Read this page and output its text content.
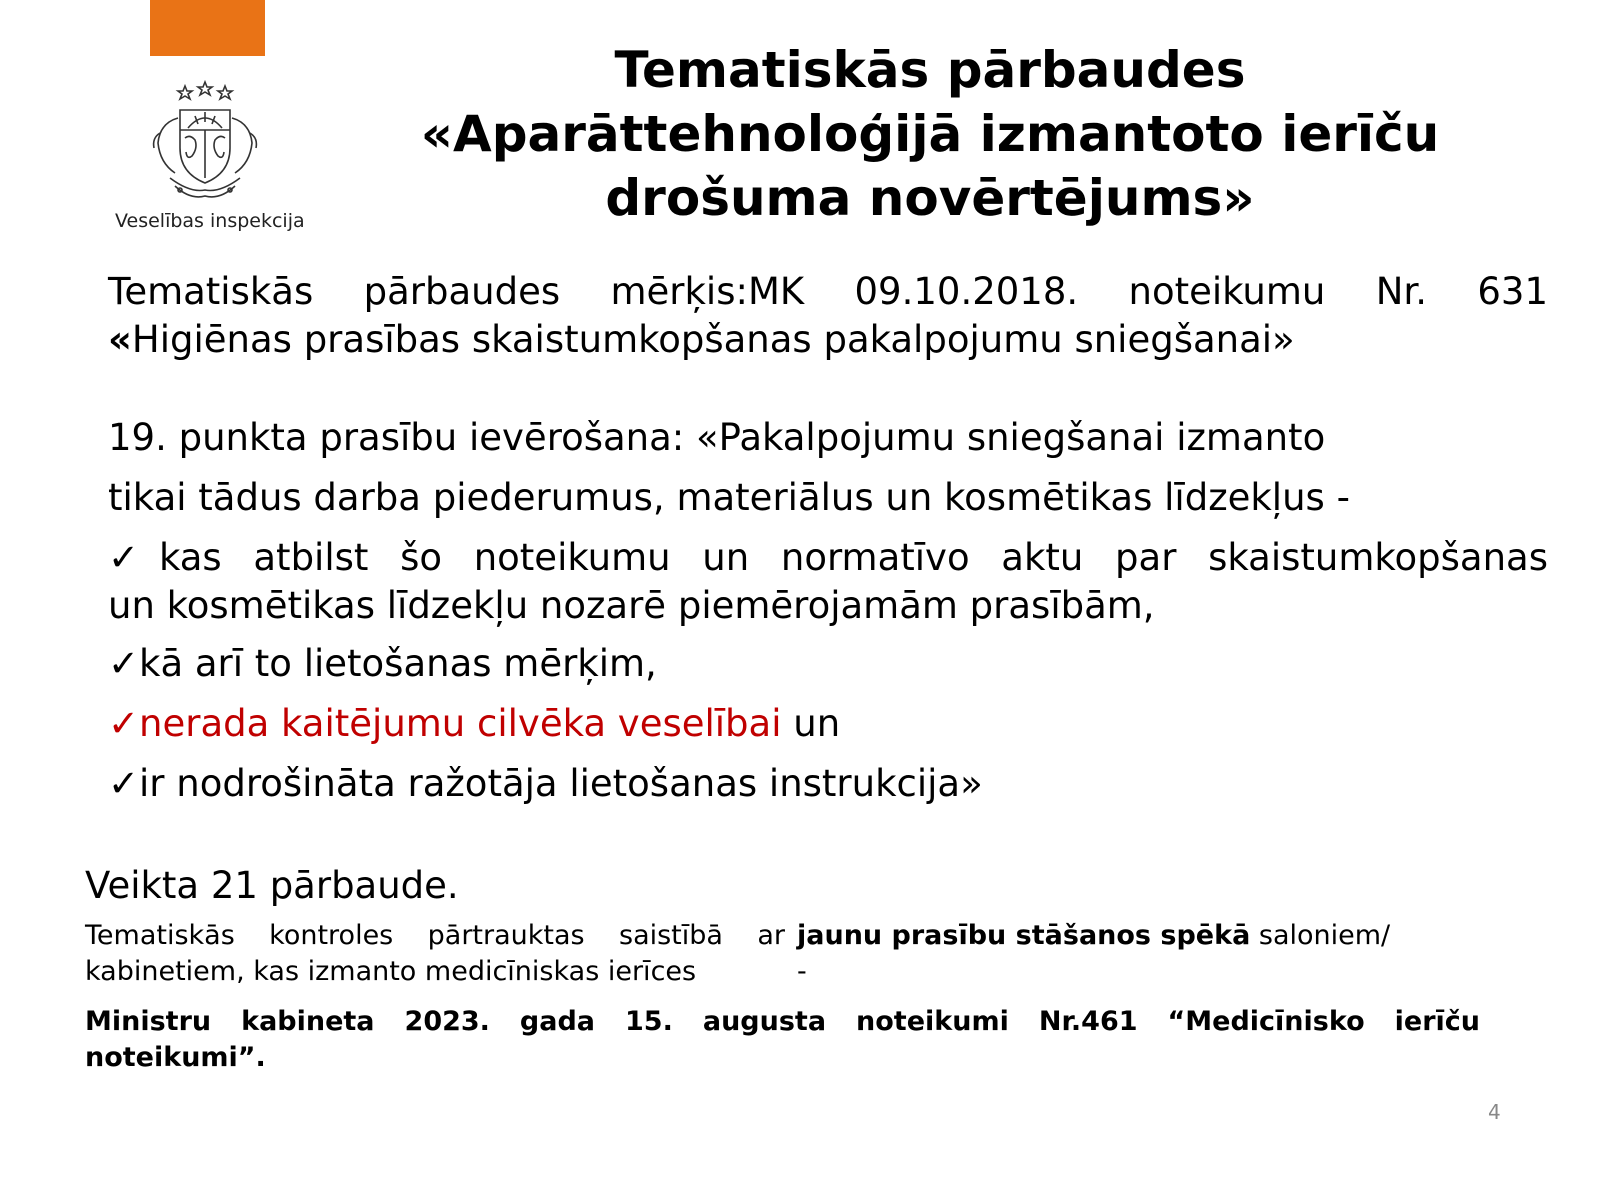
Veselības inspekcija
Tematiskās pārbaudes
«Aparāttehnoloģijā izmantoto ierīču
drošuma novērtējums»
Tematiskās pārbaudes mērķis:MK 09.10.2018. noteikumu Nr. 631
«Higiēnas prasības skaistumkopšanas pakalpojumu sniegšanai»
19. punkta prasību ievērošana: «Pakalpojumu sniegšanai izmanto
tikai tādus darba piederumus, materiālus un kosmētikas līdzekļus -
✓kas atbilst šo noteikumu un normatīvo aktu par skaistumkopšanas
un kosmētikas līdzekļu nozarē piemērojamām prasībām,
✓kā arī to lietošanas mērķim,
✓nerada kaitējumu cilvēka veselībai un
✓ir nodrošināta ražotāja lietošanas instrukcija»
Veikta 21 pārbaude.
Tematiskās kontroles pārtrauktas saistībā ar
kabinetiem, kas izmanto medicīniskas ierīces
jaunu prasību stāšanos spēkā saloniem/
-
Ministru kabineta 2023. gada 15. augusta noteikumi Nr.461 “Medicīnisko ierīču
noteikumi”.
4
